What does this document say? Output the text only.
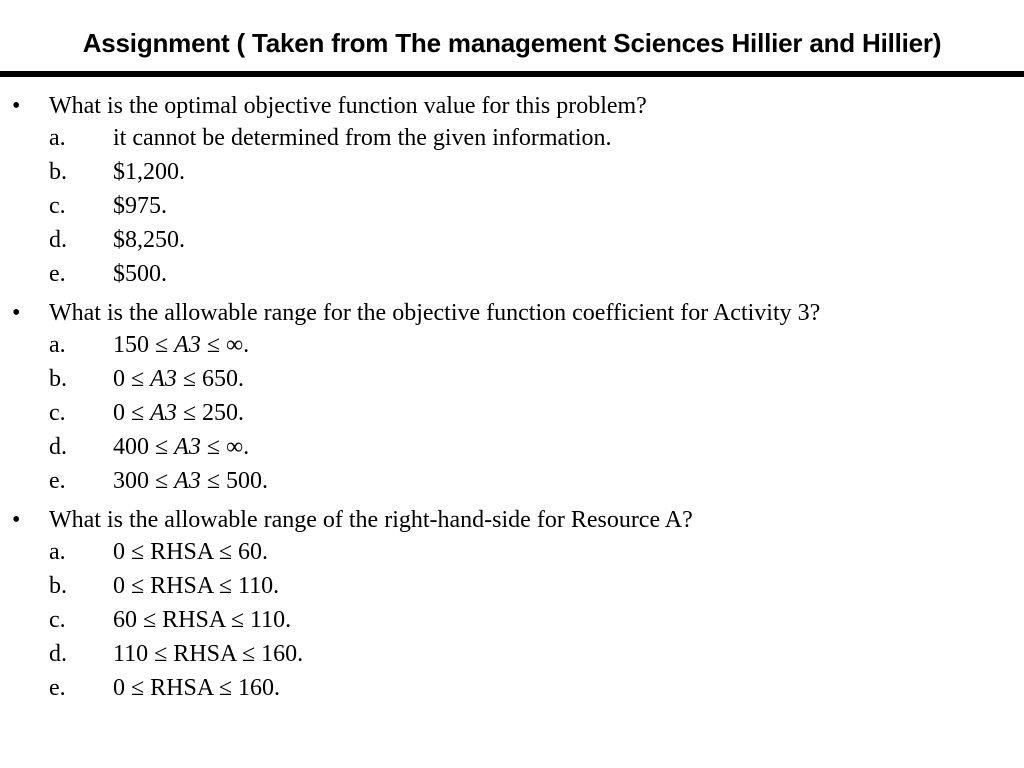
Assignment ( Taken from The management Sciences Hillier and Hillier)
•	What is the optimal objective function value for this problem?
a. it cannot be determined from the given information.
b. $1,200.
c. $975.
d. $8,250.
e. $500.
•	What is the allowable range for the objective function coefficient for Activity 3?
a. 150 ≤ A3 ≤ ∞.
b. 0 ≤ A3 ≤ 650.
c. 0 ≤ A3 ≤ 250.
d. 400 ≤ A3 ≤ ∞.
e. 300 ≤ A3 ≤ 500.
•	What is the allowable range of the right-hand-side for Resource A?
a. 0 ≤ RHSA ≤ 60.
b. 0 ≤ RHSA ≤ 110.
c. 60 ≤ RHSA ≤ 110.
d. 110 ≤ RHSA ≤ 160.
e. 0 ≤ RHSA ≤ 160.
